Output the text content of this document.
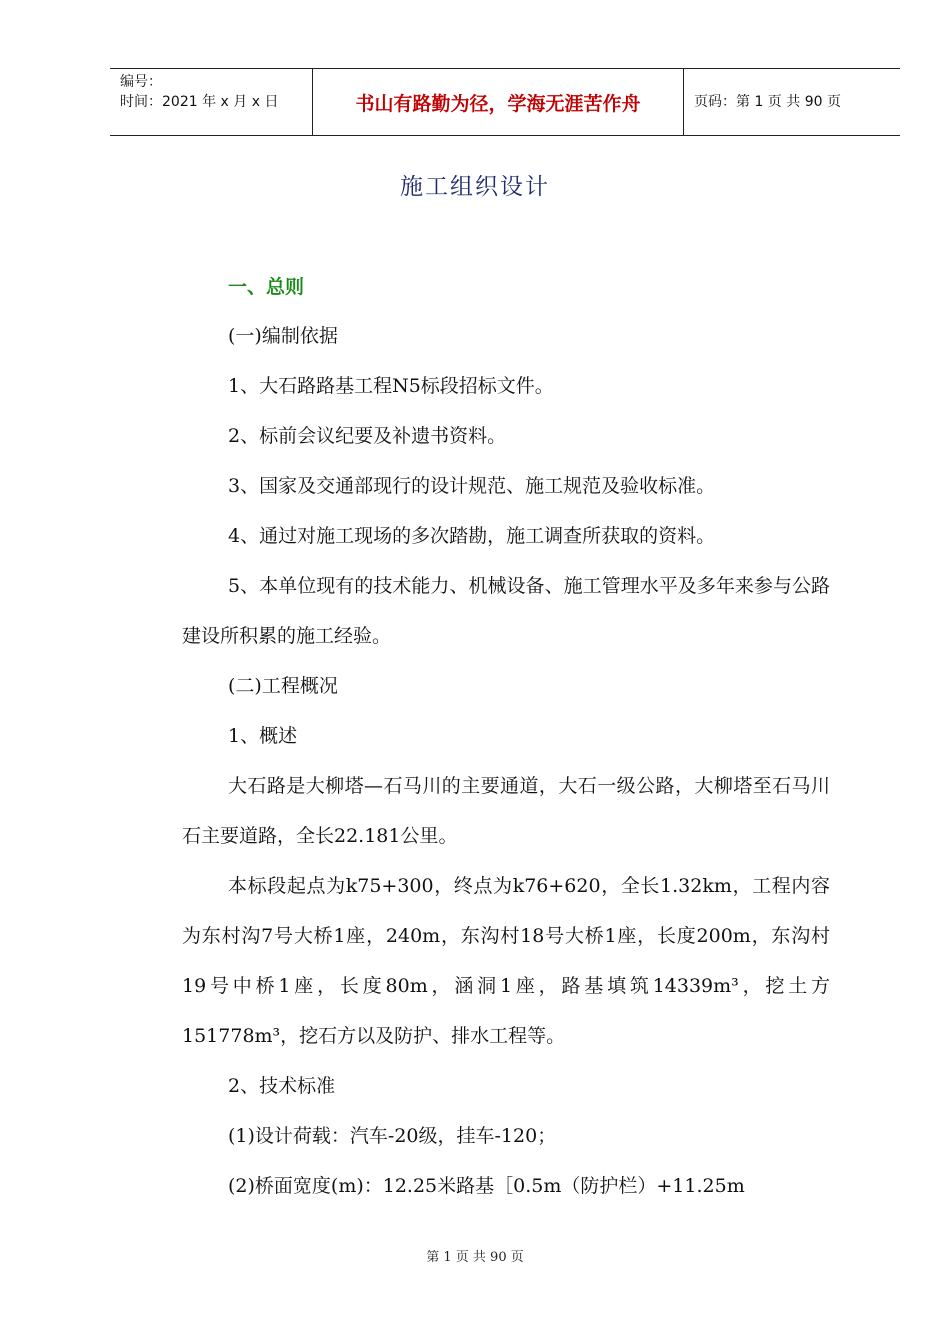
编号：
时间：2021 年 x 月 x 日	书山有路勤为径，学海无涯苦作舟	页码：第 1 页 共 90 页
施工组织设计
一、总则

(一)编制依据

1、大石路路基工程N5标段招标文件。

2、标前会议纪要及补遗书资料。

3、国家及交通部现行的设计规范、施工规范及验收标准。

4、通过对施工现场的多次踏勘，施工调查所获取的资料。

5、本单位现有的技术能力、机械设备、施工管理水平及多年来参与公路建设所积累的施工经验。

(二)工程概况

1、概述

大石路是大柳塔—石马川的主要通道，大石一级公路，大柳塔至石马川石主要道路，全长22.181公里。

本标段起点为k75+300，终点为k76+620，全长1.32km，工程内容为东村沟7号大桥1座，240m，东沟村18号大桥1座，长度200m，东沟村19号中桥1座，长度80m，涵洞1座，路基填筑14339m³，挖土方151778m³，挖石方以及防护、排水工程等。

2、技术标准

(1)设计荷载：汽车-20级，挂车-120；

(2)桥面宽度(m)：12.25米路基［0.5m（防护栏）+11.25m

第 1 页 共 90 页
